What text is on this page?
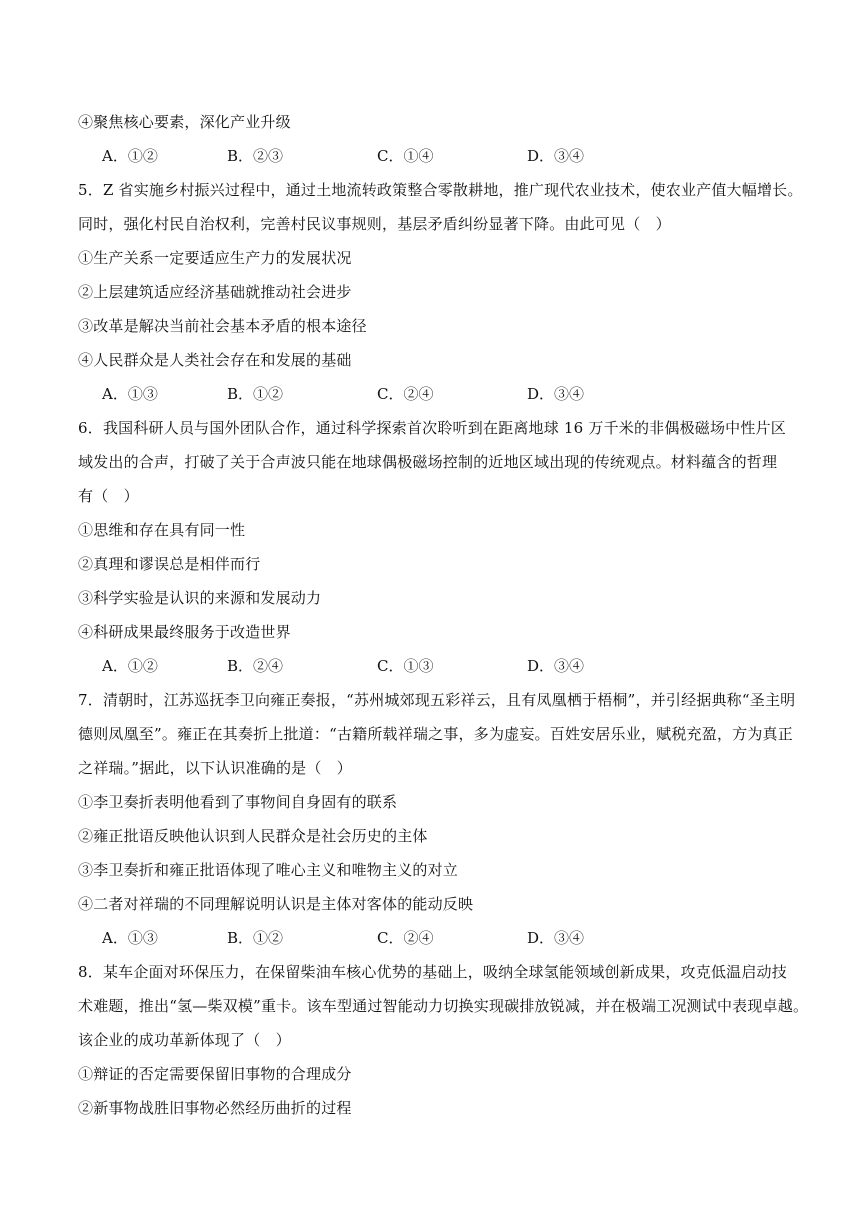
④聚焦核心要素，深化产业升级
A．①②	B．②③	C．①④	D．③④
5．Z 省实施乡村振兴过程中，通过土地流转政策整合零散耕地，推广现代农业技术，使农业产值大幅增长。
同时，强化村民自治权利，完善村民议事规则，基层矛盾纠纷显著下降。由此可见（　）
①生产关系一定要适应生产力的发展状况
②上层建筑适应经济基础就推动社会进步
③改革是解决当前社会基本矛盾的根本途径
④人民群众是人类社会存在和发展的基础
A．①③	B．①②	C．②④	D．③④
6．我国科研人员与国外团队合作，通过科学探索首次聆听到在距离地球 16 万千米的非偶极磁场中性片区
域发出的合声，打破了关于合声波只能在地球偶极磁场控制的近地区域出现的传统观点。材料蕴含的哲理
有（　）
①思维和存在具有同一性
②真理和谬误总是相伴而行
③科学实验是认识的来源和发展动力
④科研成果最终服务于改造世界
A．①②	B．②④	C．①③	D．③④
7．清朝时，江苏巡抚李卫向雍正奏报，“苏州城郊现五彩祥云，且有凤凰栖于梧桐”，并引经据典称“圣主明
德则凤凰至”。雍正在其奏折上批道：“古籍所载祥瑞之事，多为虚妄。百姓安居乐业，赋税充盈，方为真正
之祥瑞。”据此，以下认识准确的是（　）
①李卫奏折表明他看到了事物间自身固有的联系
②雍正批语反映他认识到人民群众是社会历史的主体
③李卫奏折和雍正批语体现了唯心主义和唯物主义的对立
④二者对祥瑞的不同理解说明认识是主体对客体的能动反映
A．①③	B．①②	C．②④	D．③④
8．某车企面对环保压力，在保留柴油车核心优势的基础上，吸纳全球氢能领域创新成果，攻克低温启动技
术难题，推出“氢—柴双模”重卡。该车型通过智能动力切换实现碳排放锐减，并在极端工况测试中表现卓越。
该企业的成功革新体现了（　）
①辩证的否定需要保留旧事物的合理成分
②新事物战胜旧事物必然经历曲折的过程
